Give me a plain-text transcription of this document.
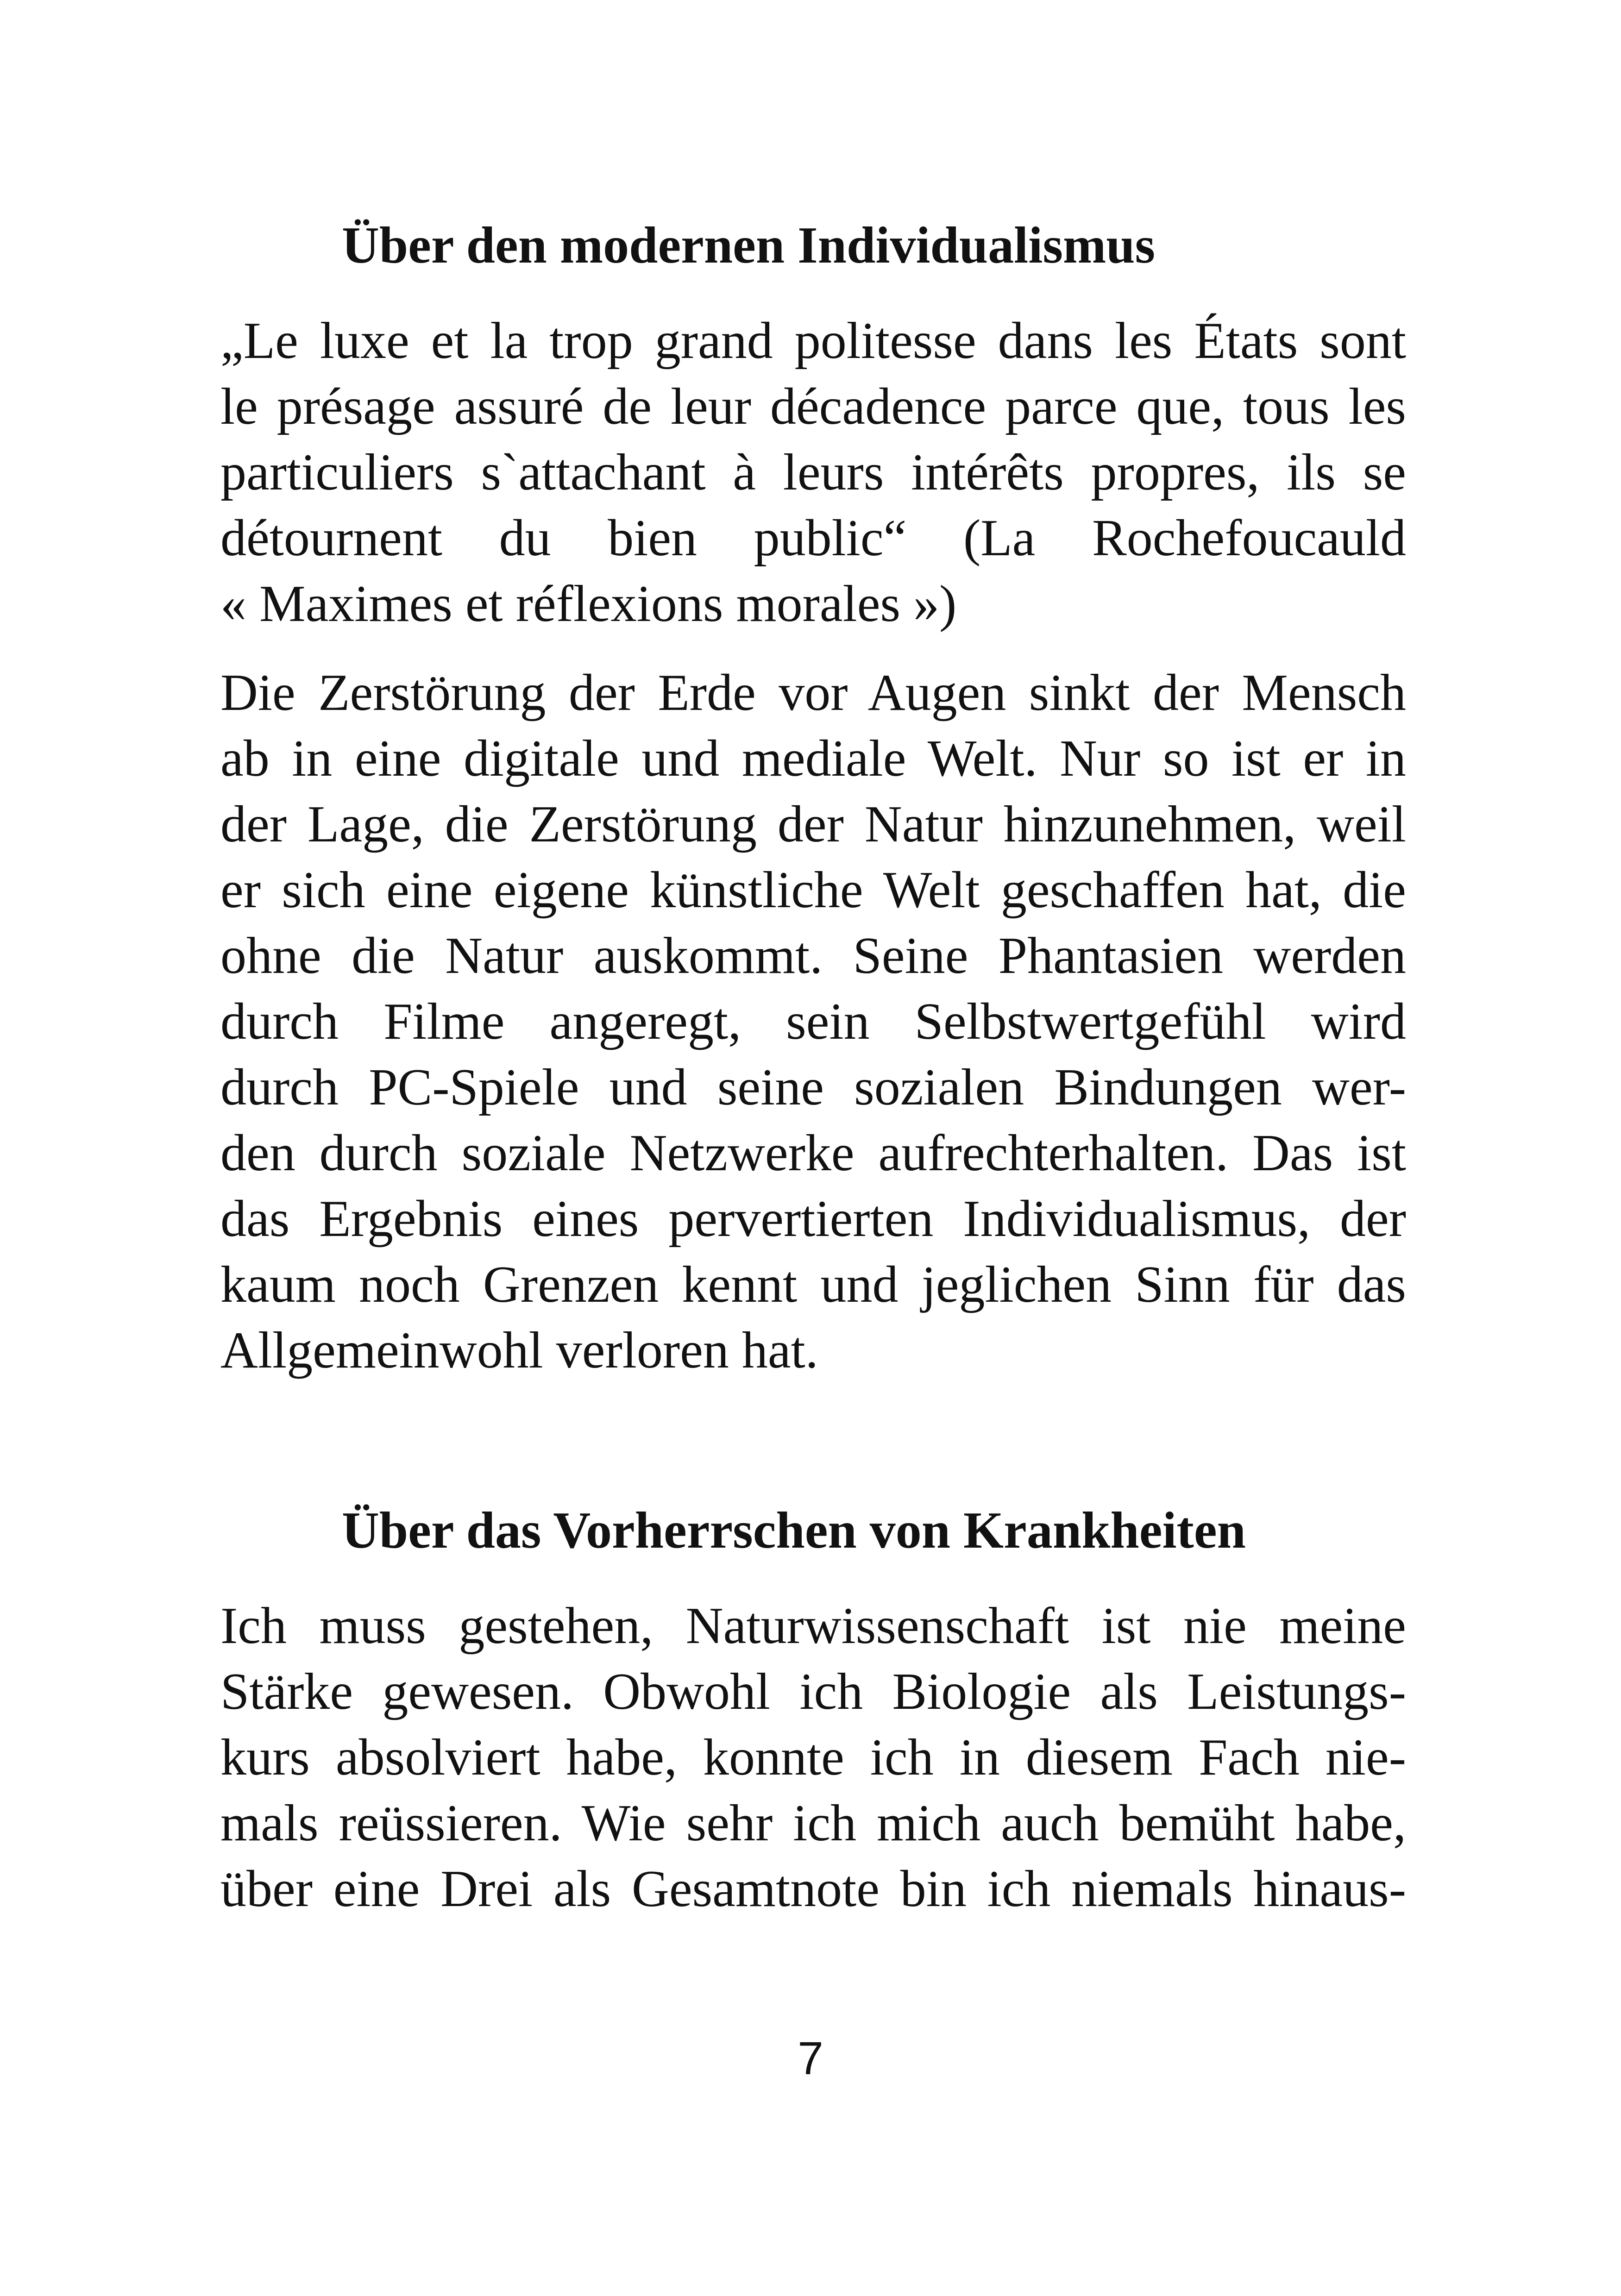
Über den modernen Individualismus
„Le luxe et la trop grand politesse dans les États sont
le présage assuré de leur décadence parce que, tous les
particuliers s`attachant à leurs intérêts propres, ils se
détournent du bien public“ (La Rochefoucauld
« Maximes et réflexions morales »)
Die Zerstörung der Erde vor Augen sinkt der Mensch
ab in eine digitale und mediale Welt. Nur so ist er in
der Lage, die Zerstörung der Natur hinzunehmen, weil
er sich eine eigene künstliche Welt geschaffen hat, die
ohne die Natur auskommt. Seine Phantasien werden
durch Filme angeregt, sein Selbstwertgefühl wird
durch PC-Spiele und seine sozialen Bindungen wer-
den durch soziale Netzwerke aufrechterhalten. Das ist
das Ergebnis eines pervertierten Individualismus, der
kaum noch Grenzen kennt und jeglichen Sinn für das
Allgemeinwohl verloren hat.
Über das Vorherrschen von Krankheiten
Ich muss gestehen, Naturwissenschaft ist nie meine
Stärke gewesen. Obwohl ich Biologie als Leistungs-
kurs absolviert habe, konnte ich in diesem Fach nie-
mals reüssieren. Wie sehr ich mich auch bemüht habe,
über eine Drei als Gesamtnote bin ich niemals hinaus-
7
